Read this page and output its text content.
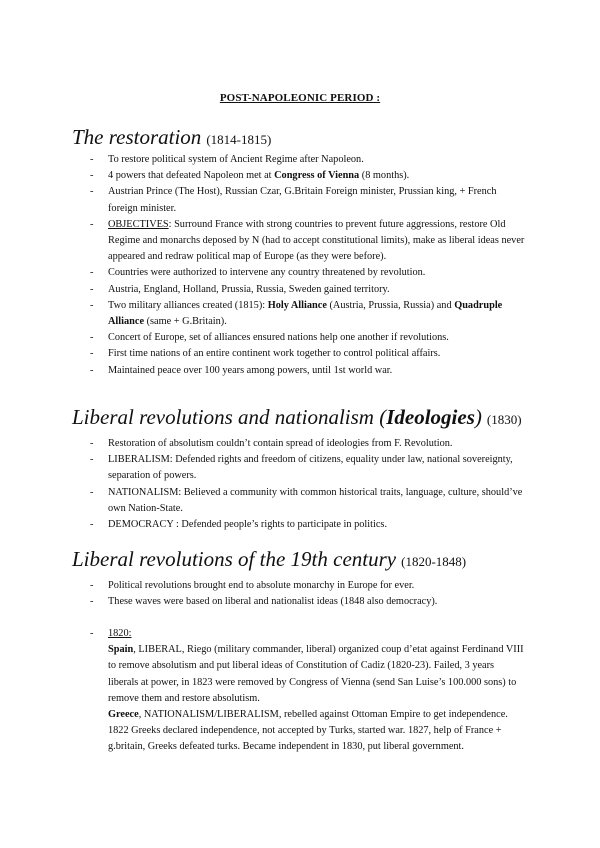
POST-NAPOLEONIC PERIOD :
The restoration (1814-1815)
- To restore political system of Ancient Regime after Napoleon.
- 4 powers that defeated Napoleon met at Congress of Vienna (8 months).
- Austrian Prince (The Host), Russian Czar, G.Britain Foreign minister, Prussian king, + French foreign minister.
- OBJECTIVES: Surround France with strong countries to prevent future aggressions, restore Old Regime and monarchs deposed by N (had to accept constitutional limits), make as liberal ideas never appeared and redraw political map of Europe (as they were before).
- Countries were authorized to intervene any country threatened by revolution.
- Austria, England, Holland, Prussia, Russia, Sweden gained territory.
- Two military alliances created (1815): Holy Alliance (Austria, Prussia, Russia) and Quadruple Alliance (same + G.Britain).
- Concert of Europe, set of alliances ensured nations help one another if revolutions.
- First time nations of an entire continent work together to control political affairs.
- Maintained peace over 100 years among powers, until 1st world war.
Liberal revolutions and nationalism (Ideologies) (1830)
- Restoration of absolutism couldn’t contain spread of ideologies from F. Revolution.
- LIBERALISM: Defended rights and freedom of citizens, equality under law, national sovereignty, separation of powers.
- NATIONALISM: Believed a community with common historical traits, language, culture, should’ve own Nation-State.
- DEMOCRACY : Defended people’s rights to participate in politics.
Liberal revolutions of the 19th century (1820-1848)
- Political revolutions brought end to absolute monarchy in Europe for ever.
- These waves were based on liberal and nationalist ideas (1848 also democracy).
- 1820:
Spain, LIBERAL, Riego (military commander, liberal) organized coup d’etat against Ferdinand VIII to remove absolutism and put liberal ideas of Constitution of Cadiz (1820-23). Failed, 3 years liberals at power, in 1823 were removed by Congress of Vienna (send San Luise’s 100.000 sons) to remove them and restore absolutism.
Greece, NATIONALISM/LIBERALISM, rebelled against Ottoman Empire to get independence. 1822 Greeks declared independence, not accepted by Turks, started war. 1827, help of France + g.britain, Greeks defeated turks. Became independent in 1830, put liberal government.
